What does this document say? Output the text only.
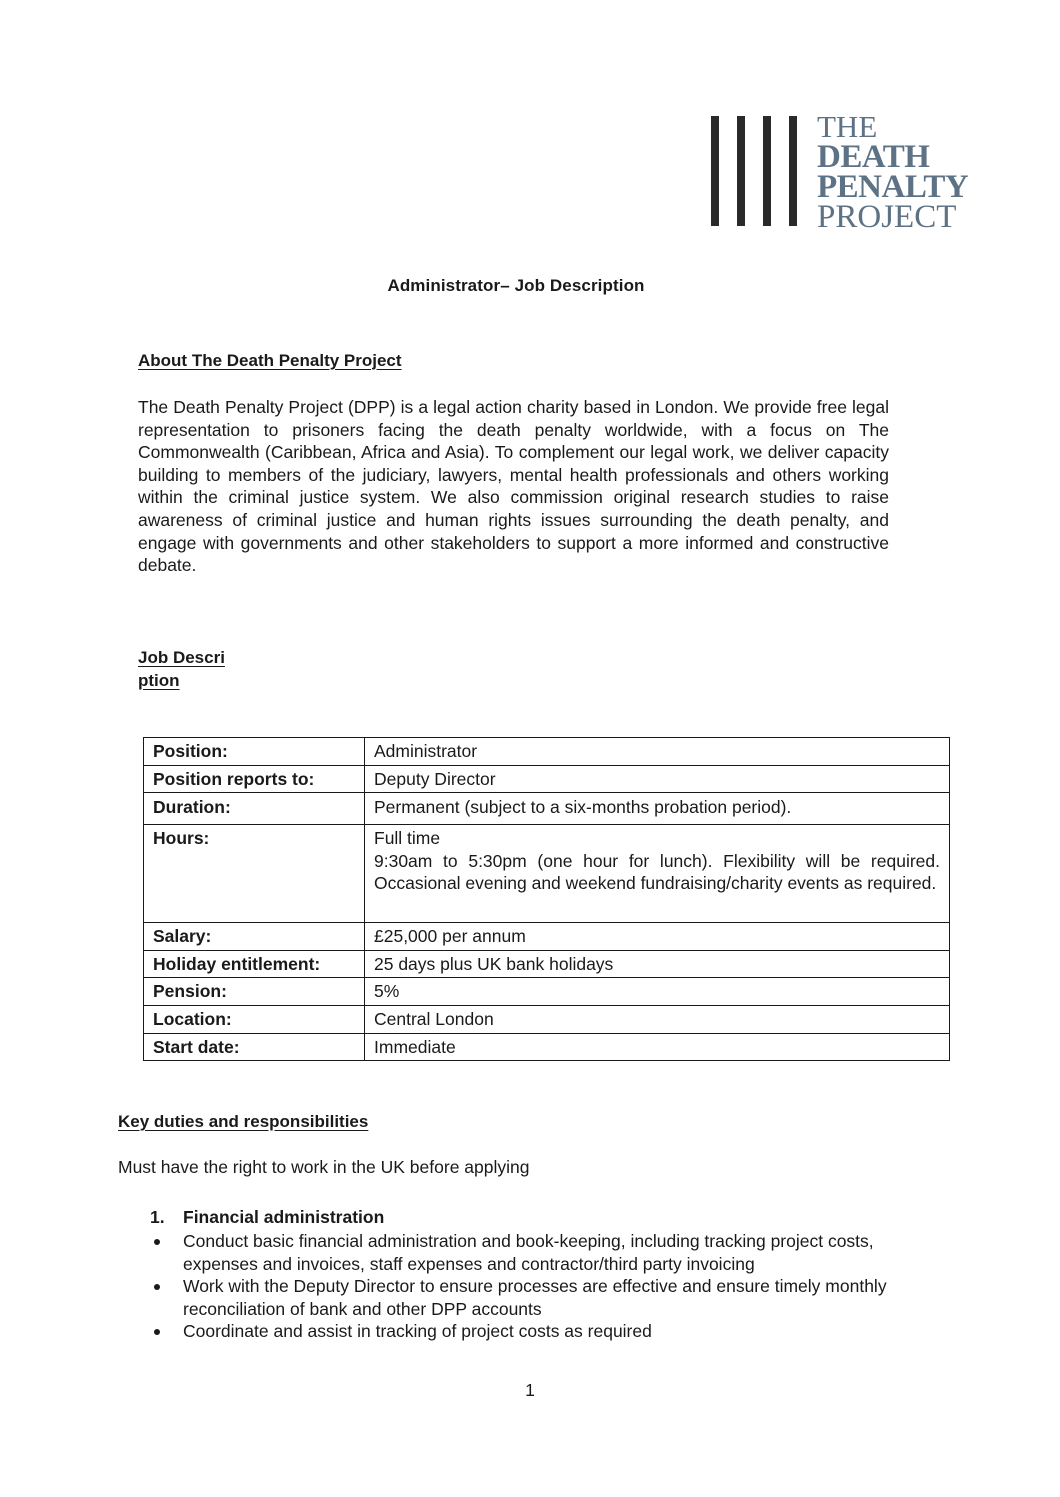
THE
DEATH
PENALTY
PROJECT
Administrator– Job Description
About The Death Penalty Project
The Death Penalty Project (DPP) is a legal action charity based in London. We provide free legal representation to prisoners facing the death penalty worldwide, with a focus on The Commonwealth (Caribbean, Africa and Asia). To complement our legal work, we deliver capacity building to members of the judiciary, lawyers, mental health professionals and others working within the criminal justice system. We also commission original research studies to raise awareness of criminal justice and human rights issues surrounding the death penalty, and engage with governments and other stakeholders to support a more informed and constructive debate.
Job Description
Position:	Administrator
Position reports to:	Deputy Director
Duration:	Permanent (subject to a six-months probation period).
Hours:	Full time
9:30am to 5:30pm (one hour for lunch). Flexibility will be required. Occasional evening and weekend fundraising/charity events as required.

Salary:	£25,000 per annum
Holiday entitlement:	25 days plus UK bank holidays
Pension:	5%
Location:	Central London
Start date:	Immediate
Key duties and responsibilities
Must have the right to work in the UK before applying
1. Financial administration
Conduct basic financial administration and book-keeping, including tracking project costs, expenses and invoices, staff expenses and contractor/third party invoicing
Work with the Deputy Director to ensure processes are effective and ensure timely monthly reconciliation of bank and other DPP accounts
Coordinate and assist in tracking of project costs as required
1
